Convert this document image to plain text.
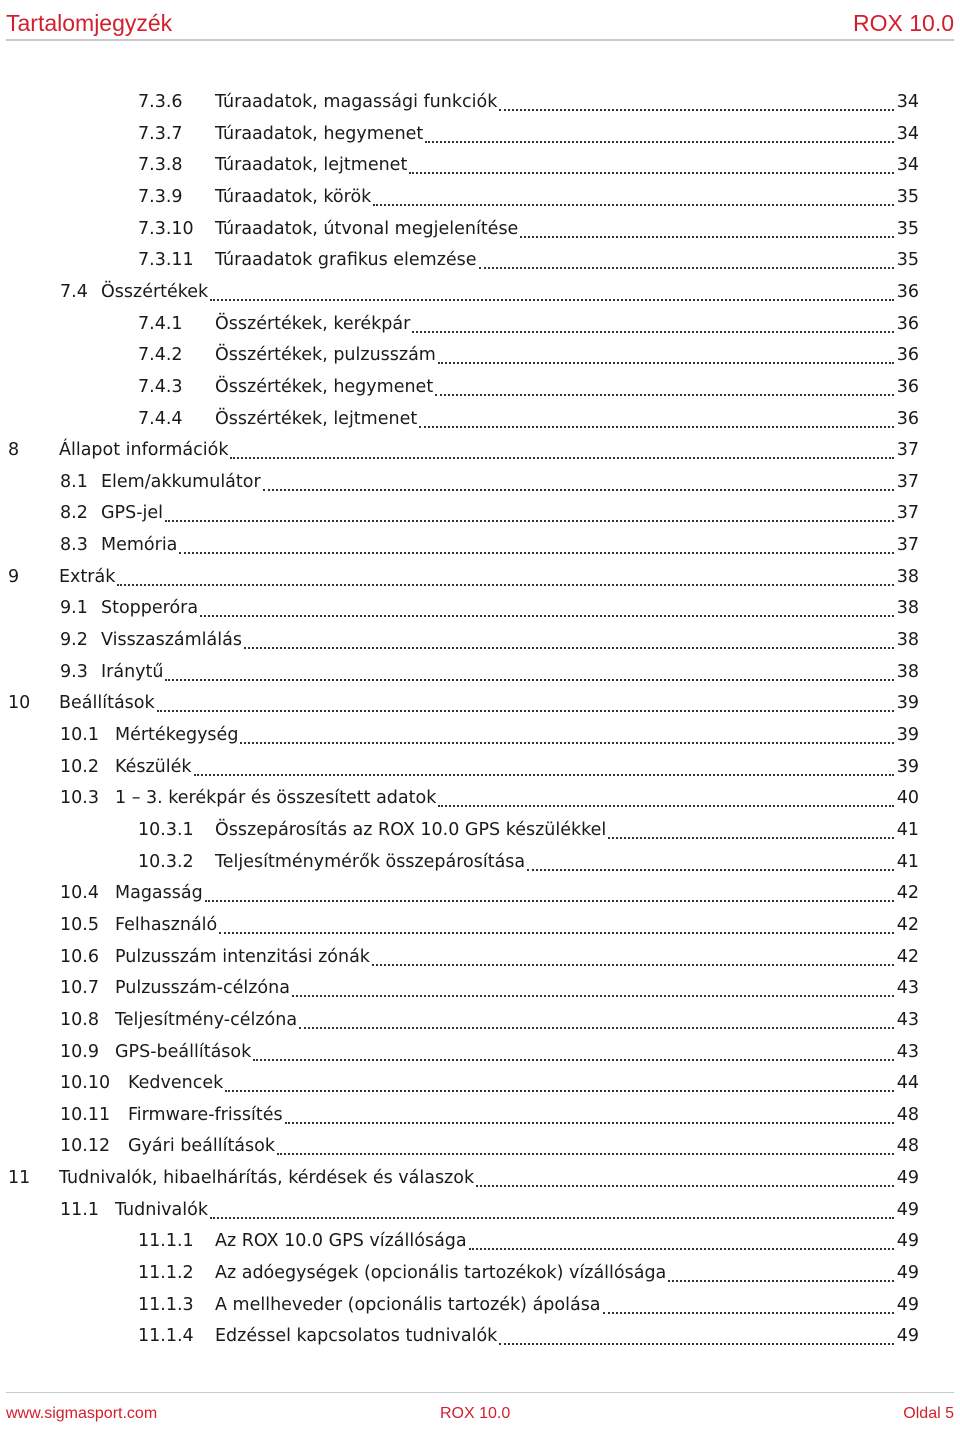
Tartalomjegyzék	ROX 10.0
7.3.6	Túraadatok, magassági funkciók	34
7.3.7	Túraadatok, hegymenet	34
7.3.8	Túraadatok, lejtmenet	34
7.3.9	Túraadatok, körök	35
7.3.10	Túraadatok, útvonal megjelenítése	35
7.3.11	Túraadatok grafikus elemzése	35
7.4 Összértékek	36
7.4.1	Összértékek, kerékpár	36
7.4.2	Összértékek, pulzusszám	36
7.4.3	Összértékek, hegymenet	36
7.4.4	Összértékek, lejtmenet	36
8	Állapot információk	37
8.1 Elem/akkumulátor	37
8.2 GPS-jel	37
8.3 Memória	37
9	Extrák	38
9.1 Stopperóra	38
9.2 Visszaszámlálás	38
9.3 Iránytű	38
10	Beállítások	39
10.1 Mértékegység	39
10.2 Készülék	39
10.3 1 – 3. kerékpár és összesített adatok	40
10.3.1	Összepárosítás az ROX 10.0 GPS készülékkel	41
10.3.2	Teljesítménymérők összepárosítása	41
10.4 Magasság	42
10.5 Felhasználó	42
10.6 Pulzusszám intenzitási zónák	42
10.7 Pulzusszám-célzóna	43
10.8 Teljesítmény-célzóna	43
10.9 GPS-beállítások	43
10.10	Kedvencek	44
10.11	Firmware-frissítés	48
10.12	Gyári beállítások	48
11	Tudnivalók, hibaelhárítás, kérdések és válaszok	49
11.1 Tudnivalók	49
11.1.1	Az ROX 10.0 GPS vízállósága	49
11.1.2	Az adóegységek (opcionális tartozékok) vízállósága	49
11.1.3	A mellheveder (opcionális tartozék) ápolása	49
11.1.4	Edzéssel kapcsolatos tudnivalók	49
www.sigmasport.com	ROX 10.0	Oldal 5
